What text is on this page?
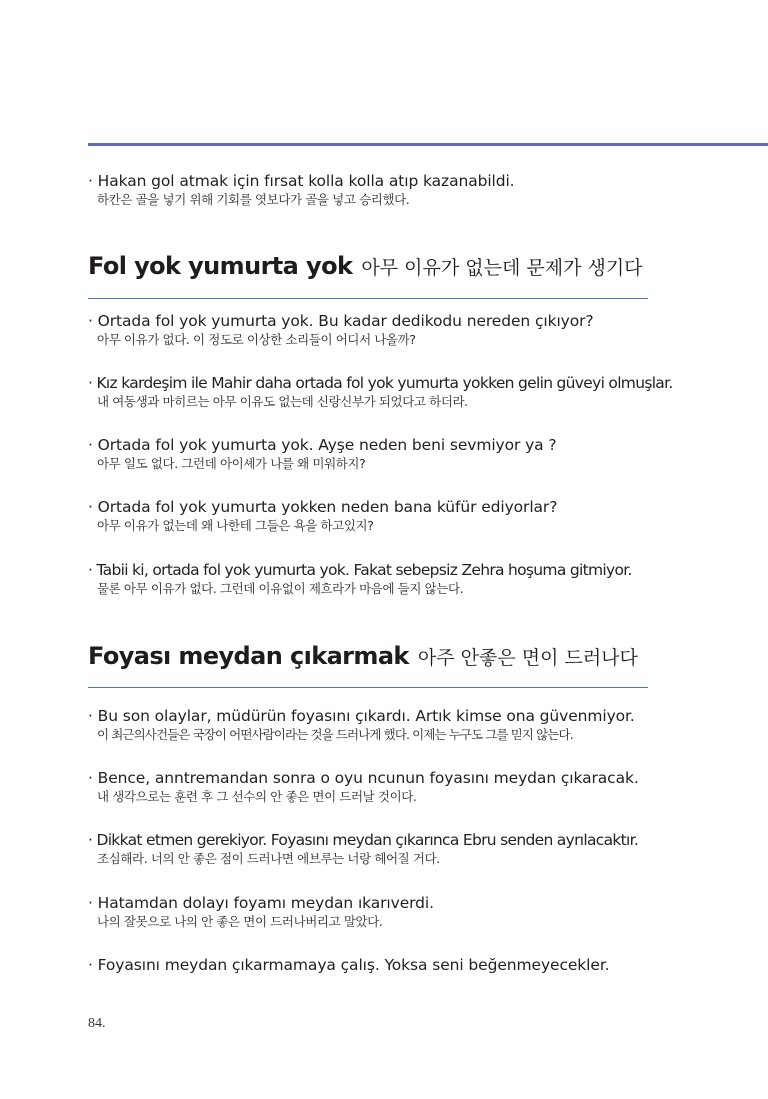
· Hakan gol atmak için fırsat kolla kolla atıp kazanabildi.
하칸은 골을 넣기 위해 기회를 엿보다가 골을 넣고 승리했다.
Fol yok yumurta yok 아무 이유가 없는데 문제가 생기다
· Ortada fol yok yumurta yok. Bu kadar dedikodu nereden çıkıyor?
아무 이유가 없다. 이 정도로 이상한 소리들이 어디서 나올까?
· Kız kardeşim ile Mahir daha ortada fol yok yumurta yokken gelin güveyi olmuşlar.
내 여동생과 마히르는 아무 이유도 없는데 신랑신부가 되었다고 하더라.
· Ortada fol yok yumurta yok. Ayşe neden beni sevmiyor ya ?
아무 일도 없다. 그런데 아이셰가 나를 왜 미워하지?
· Ortada fol yok yumurta yokken neden bana küfür ediyorlar?
아무 이유가 없는데 왜 나한테 그들은 욕을 하고있지?
· Tabii ki, ortada fol yok yumurta yok. Fakat sebepsiz Zehra hoşuma gitmiyor.
물론 아무 이유가 없다. 그런데 이유없이 제흐라가 마음에 들지 않는다.
Foyası meydan çıkarmak 아주 안좋은 면이 드러나다
· Bu son olaylar, müdürün foyasını çıkardı. Artık kimse ona güvenmiyor.
이 최근의사건들은 국장이 어떤사람이라는 것을 드러나게 했다. 이제는 누구도 그를 믿지 않는다.
· Bence, anntremandan sonra o oyu ncunun foyasını meydan çıkaracak.
내 생각으로는 훈련 후 그 선수의 안 좋은 면이 드러날 것이다.
· Dikkat etmen gerekiyor. Foyasını meydan çıkarınca Ebru senden ayrılacaktır.
조심해라. 너의 안 좋은 점이 드러나면 에브루는 너랑 헤어질 거다.
· Hatamdan dolayı foyamı meydan ıkarıverdi.
나의 잘못으로 나의 안 좋은 면이 드러나버리고 말았다.
· Foyasını meydan çıkarmamaya çalış. Yoksa seni beğenmeyecekler.
84.
